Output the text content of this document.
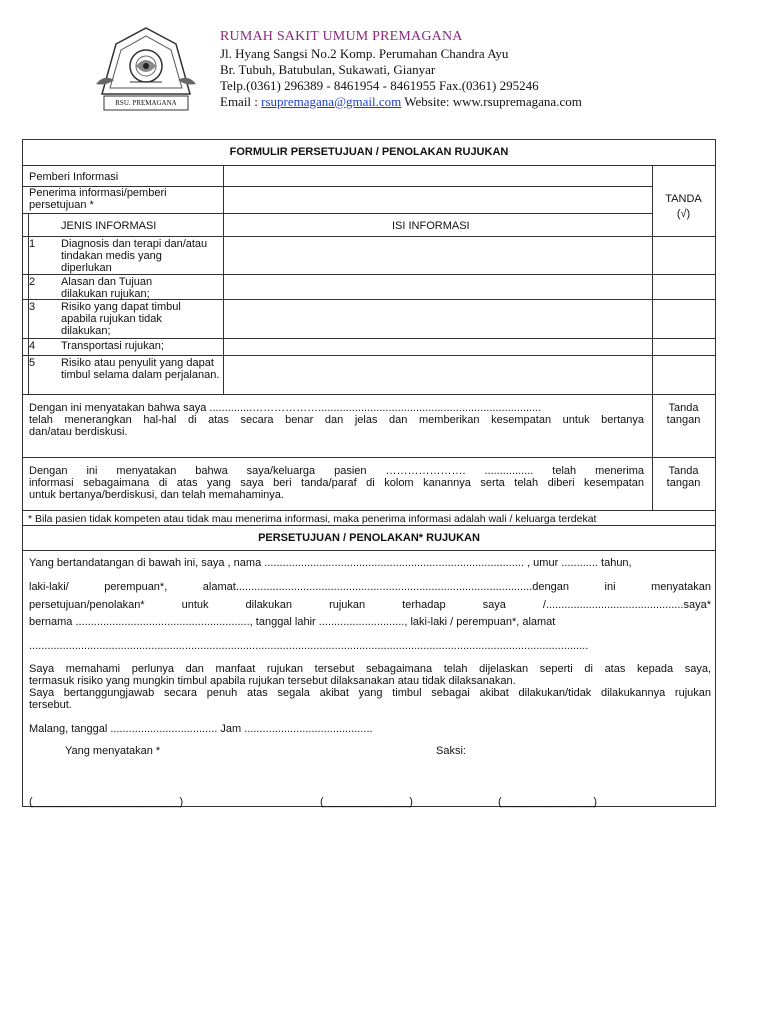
RSU. PREMAGANA
RUMAH SAKIT UMUM PREMAGANA
Jl. Hyang Sangsi No.2 Komp. Perumahan Chandra Ayu
Br. Tubuh, Batubulan, Sukawati, Gianyar
Telp.(0361) 296389 - 8461954 - 8461955 Fax.(0361) 295246
Email : rsupremagana@gmail.com Website: www.rsupremagana.com
FORMULIR PERSETUJUAN / PENOLAKAN RUJUKAN
Pemberi Informasi
Penerima informasi/pemberi persetujuan *	TANDA
(√)
JENIS INFORMASI	ISI INFORMASI
1 Diagnosis dan terapi dan/atau tindakan medis yang diperlukan
2 Alasan dan Tujuan dilakukan rujukan;
3 Risiko yang dapat timbul apabila rujukan tidak dilakukan;
4 Transportasi rujukan;
5 Risiko atau penyulit yang dapat timbul selama dalam perjalanan.
Dengan ini menyatakan bahwa saya ..............……………….........................................................................
telah menerangkan hal-hal di atas secara benar dan jelas dan memberikan kesempatan untuk bertanya
dan/atau berdiskusi.
Tanda tangan
Dengan ini menyatakan bahwa saya/keluarga pasien …………………. ................ telah menerima
informasi sebagaimana di atas yang saya beri tanda/paraf di kolom kanannya serta telah diberi kesempatan
untuk bertanya/berdiskusi, dan telah memahaminya.
Tanda tangan
* Bila pasien tidak kompeten atau tidak mau menerima informasi, maka penerima informasi adalah wali / keluarga terdekat
PERSETUJUAN / PENOLAKAN* RUJUKAN
Yang bertandatangan di bawah ini, saya , nama ..................................................................................... , umur ............ tahun,
laki-laki/ perempuan*, alamat.................................................................................................dengan ini menyatakan
persetujuan/penolakan* untuk dilakukan rujukan terhadap saya /.............................................saya*
bernama ........................................................., tanggal lahir ............................, laki-laki / perempuan*, alamat
.......................................................................................................................................................................................
Saya memahami perlunya dan manfaat rujukan tersebut sebagaimana telah dijelaskan seperti di atas kepada saya,
termasuk risiko yang mungkin timbul apabila rujukan tersebut dilaksanakan atau tidak dilaksanakan.
Saya bertanggungjawab secara penuh atas segala akibat yang timbul sebagai akibat dilakukan/tidak dilakukannya rujukan
tersebut.
Malang, tanggal ................................... Jam ..........................................
Yang menyatakan *	Saksi:
(________________________)	(______________)	(_______________)
